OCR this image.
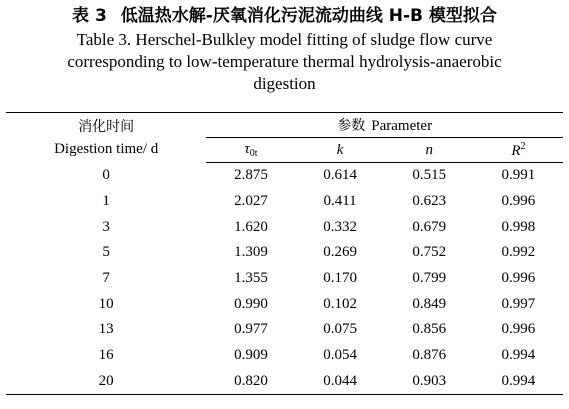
表 3 低温热水解-厌氧消化污泥流动曲线 H-B 模型拟合
Table 3. Herschel-Bulkley model fitting of sludge flow curve
corresponding to low-temperature thermal hydrolysis-anaerobic
digestion
消化时间
Digestion time/ d	参数 Parameter			
	$\tau_{0t}$	k	n	$R^2$
0	2.875	0.614	0.515	0.991
1	2.027	0.411	0.623	0.996
3	1.620	0.332	0.679	0.998
5	1.309	0.269	0.752	0.992
7	1.355	0.170	0.799	0.996
10	0.990	0.102	0.849	0.997
13	0.977	0.075	0.856	0.996
16	0.909	0.054	0.876	0.994
20	0.820	0.044	0.903	0.994
